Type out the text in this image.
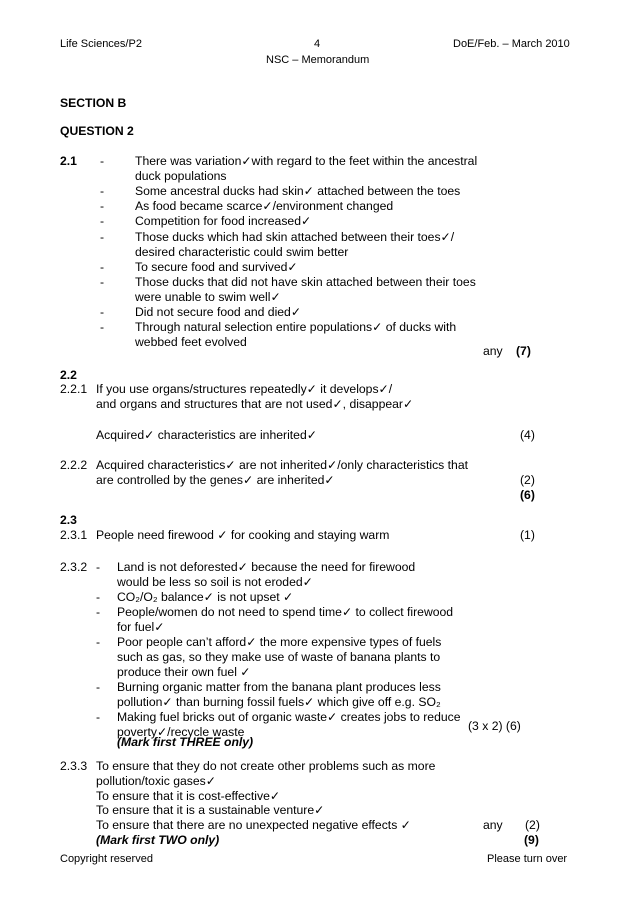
Life Sciences/P2	4	DoE/Feb. – March 2010
NSC – Memorandum
SECTION B
QUESTION 2
2.1 -	There was variation✓with regard to the feet within the ancestral
duck populations
-	Some ancestral ducks had skin✓ attached between the toes
-	As food became scarce✓/environment changed
-	Competition for food increased✓
-	Those ducks which had skin attached between their toes✓/
desired characteristic could swim better
-	To secure food and survived✓
-	Those ducks that did not have skin attached between their toes
were unable to swim well✓
-	Did not secure food and died✓
-	Through natural selection entire populations✓ of ducks with
webbed feet evolved
any (7)
2.2
2.2.1 If you use organs/structures repeatedly✓ it develops✓/
and organs and structures that are not used✓, disappear✓
Acquired✓ characteristics are inherited✓	(4)
2.2.2 Acquired characteristics✓ are not inherited✓/only characteristics that
are controlled by the genes✓ are inherited✓	(2)
(6)
2.3
2.3.1 People need firewood ✓ for cooking and staying warm	(1)
2.3.2 - Land is not deforested✓ because the need for firewood
would be less so soil is not eroded✓
- CO₂/O₂ balance✓ is not upset ✓
- People/women do not need to spend time✓ to collect firewood
for fuel✓
- Poor people can’t afford✓ the more expensive types of fuels
such as gas, so they make use of waste of banana plants to
produce their own fuel ✓
- Burning organic matter from the banana plant produces less
pollution✓ than burning fossil fuels✓ which give off e.g. SO₂
- Making fuel bricks out of organic waste✓ creates jobs to reduce
poverty✓/recycle waste	(3 x 2) (6)
(Mark first THREE only)
2.3.3 To ensure that they do not create other problems such as more
pollution/toxic gases✓
To ensure that it is cost-effective✓
To ensure that it is a sustainable venture✓
To ensure that there are no unexpected negative effects ✓	any (2)
(Mark first TWO only)	(9)
Copyright reserved	Please turn over
